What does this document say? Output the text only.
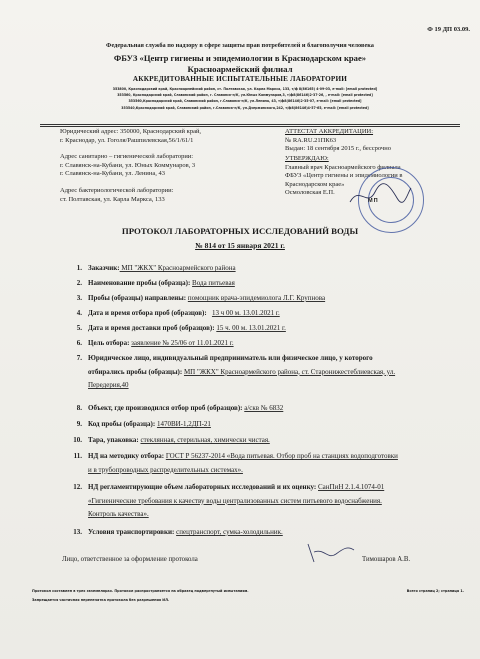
Ф 19 ДП 03.09.
Федеральная служба по надзору в сфере защиты прав потребителей и благополучия человека
ФБУЗ «Центр гигиены и эпидемиологии в Краснодарском крае»
Красноармейский филиал
АККРЕДИТОВАННЫЕ ИСПЫТАТЕЛЬНЫЕ ЛАБОРАТОРИИ
353800, Краснодарский край, Красноармейский район, ст. Полтавская, ул. Карла Маркса, 133, т/ф 8(86165) 4-09-03, e-mail: [email protected]
353560, Краснодарский край, Славянский район, г. Славянск-н/К, ул.Юных Коммунаров,3, т/ф8(86146)2-37-26, , e-mail: [email protected]
353560,Краснодарский край, Славянский район, г.Славянск-н/К, ул.Ленина, 43, т/ф8(86146)2-35-07, e-mail: [email protected]
353540,Краснодарский край, Славянский район, г.Славянск-н/К, ул.Дзержинского,242, т/ф8(86146)4-57-65, e-mail: [email protected]
Юридический адрес: 350000, Краснодарский край,
г. Краснодар, ул. Гоголя/Рашпилевская,56/1/61/1
Адрес санитарно – гигиенической лаборатории:
г. Славянск-на-Кубани, ул. Юных Коммунаров, 3
г. Славянск-на-Кубани, ул. Ленина, 43
Адрес бактериологической лаборатории:
ст. Полтавская, ул. Карла Маркса, 133
АТТЕСТАТ АККРЕДИТАЦИИ:
№ RA.RU.21ПК63
Выдан: 18 сентября 2015 г., бессрочно
УТВЕРЖДАЮ:
Главный врач Красноармейского филиала
ФБУЗ «Центр гигиены и эпидемиологии в
Краснодарском крае»
Осмоловская Е.П.
МП
ПРОТОКОЛ ЛАБОРАТОРНЫХ ИССЛЕДОВАНИЙ ВОДЫ
№ 814 от 15 января 2021 г.
1. Заказчик: МП "ЖКХ" Красноармейского района
2. Наименование пробы (образца): Вода питьевая
3. Пробы (образцы) направлены: помощник врача-эпидемиолога Л.Г. Крупнова
4. Дата и время отбора проб (образцов): 13 ч 00 м. 13.01.2021 г.
5. Дата и время доставки проб (образцов): 15 ч. 00 м. 13.01.2021 г.
6. Цель отбора: заявление № 25/06 от 11.01.2021 г.
7. Юридическое лицо, индивидуальный предприниматель или физическое лицо, у которого
отбирались пробы (образцы): МП "ЖКХ" Красноармейского района, ст. Старонижестеблиевская, ул.
Передерия,40
8. Объект, где производился отбор проб (образцов): а/скв № 6832
9. Код пробы (образца): 1470ВИ-1,2ДП-21
10. Тара, упаковка: стеклянная, стерильная, химически чистая.
11. НД на методику отбора: ГОСТ Р 56237-2014 «Вода питьевая. Отбор проб на станциях водоподготовки
и в трубопроводных распределительных системах».
12. НД регламентирующие объем лабораторных исследований и их оценку: СанПиН 2.1.4.1074-01
«Гигиенические требования к качеству воды централизованных систем питьевого водоснабжения.
Контроль качества».
13. Условия транспортировки: спецтранспорт, сумка-холодильник.
Лицо, ответственное за оформление протокола	Тимошаров А.В.
Протокол составлен в трех экземплярах. Протокол распространяется на образец подвергнутый испытаниям.
Запрещается частичная перепечатка протокола без разрешения ИЛ.
Всего страниц 2; страница 1.
